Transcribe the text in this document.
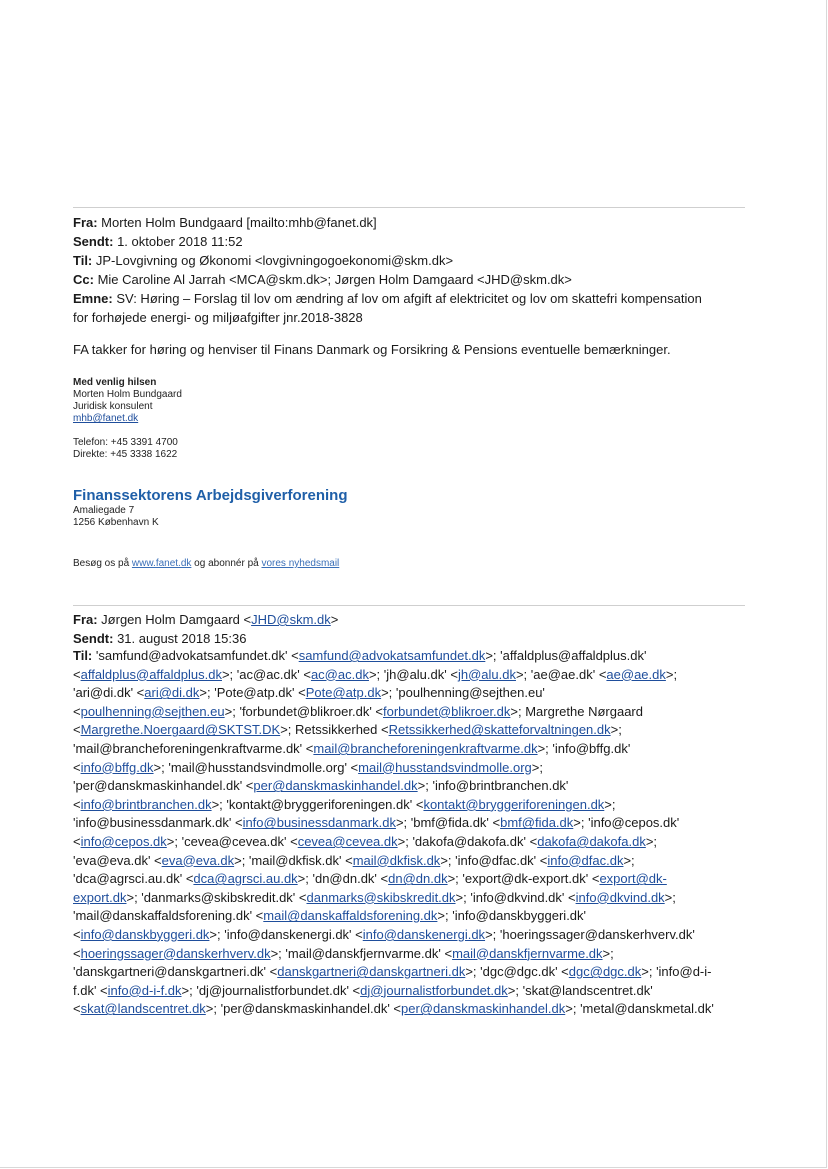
Fra: Morten Holm Bundgaard [mailto:mhb@fanet.dk]
Sendt: 1. oktober 2018 11:52
Til: JP-Lovgivning og Økonomi <lovgivningogoekonomi@skm.dk>
Cc: Mie Caroline Al Jarrah <MCA@skm.dk>; Jørgen Holm Damgaard <JHD@skm.dk>
Emne: SV: Høring – Forslag til lov om ændring af lov om afgift af elektricitet og lov om skattefri kompensation
for forhøjede energi- og miljøafgifter jnr.2018-3828
FA takker for høring og henviser til Finans Danmark og Forsikring & Pensions eventuelle bemærkninger.
Med venlig hilsen
Morten Holm Bundgaard
Juridisk konsulent
mhb@fanet.dk
Telefon: +45 3391 4700
Direkte: +45 3338 1622
Finanssektorens Arbejdsgiverforening
Amaliegade 7
1256 København K
Besøg os på www.fanet.dk og abonnér på vores nyhedsmail
Fra: Jørgen Holm Damgaard <JHD@skm.dk>
Sendt: 31. august 2018 15:36
Til: 'samfund@advokatsamfundet.dk' <samfund@advokatsamfundet.dk>; 'affaldplus@affaldplus.dk'
<affaldplus@affaldplus.dk>; 'ac@ac.dk' <ac@ac.dk>; 'jh@alu.dk' <jh@alu.dk>; 'ae@ae.dk' <ae@ae.dk>;
'ari@di.dk' <ari@di.dk>; 'Pote@atp.dk' <Pote@atp.dk>; 'poulhenning@sejthen.eu'
<poulhenning@sejthen.eu>; 'forbundet@blikroer.dk' <forbundet@blikroer.dk>; Margrethe Nørgaard
<Margrethe.Noergaard@SKTST.DK>; Retssikkerhed <Retssikkerhed@skatteforvaltningen.dk>;
'mail@brancheforeningenkraftvarme.dk' <mail@brancheforeningenkraftvarme.dk>; 'info@bffg.dk'
<info@bffg.dk>; 'mail@husstandsvindmolle.org' <mail@husstandsvindmolle.org>;
'per@danskmaskinhandel.dk' <per@danskmaskinhandel.dk>; 'info@brintbranchen.dk'
<info@brintbranchen.dk>; 'kontakt@bryggeriforeningen.dk' <kontakt@bryggeriforeningen.dk>;
'info@businessdanmark.dk' <info@businessdanmark.dk>; 'bmf@fida.dk' <bmf@fida.dk>; 'info@cepos.dk'
<info@cepos.dk>; 'cevea@cevea.dk' <cevea@cevea.dk>; 'dakofa@dakofa.dk' <dakofa@dakofa.dk>;
'eva@eva.dk' <eva@eva.dk>; 'mail@dkfisk.dk' <mail@dkfisk.dk>; 'info@dfac.dk' <info@dfac.dk>;
'dca@agrsci.au.dk' <dca@agrsci.au.dk>; 'dn@dn.dk' <dn@dn.dk>; 'export@dk-export.dk' <export@dk-
export.dk>; 'danmarks@skibskredit.dk' <danmarks@skibskredit.dk>; 'info@dkvind.dk' <info@dkvind.dk>;
'mail@danskaffaldsforening.dk' <mail@danskaffaldsforening.dk>; 'info@danskbyggeri.dk'
<info@danskbyggeri.dk>; 'info@danskenergi.dk' <info@danskenergi.dk>; 'hoeringssager@danskerhverv.dk'
<hoeringssager@danskerhverv.dk>; 'mail@danskfjernvarme.dk' <mail@danskfjernvarme.dk>;
'danskgartneri@danskgartneri.dk' <danskgartneri@danskgartneri.dk>; 'dgc@dgc.dk' <dgc@dgc.dk>; 'info@d-i-
f.dk' <info@d-i-f.dk>; 'dj@journalistforbundet.dk' <dj@journalistforbundet.dk>; 'skat@landscentret.dk'
<skat@landscentret.dk>; 'per@danskmaskinhandel.dk' <per@danskmaskinhandel.dk>; 'metal@danskmetal.dk'
